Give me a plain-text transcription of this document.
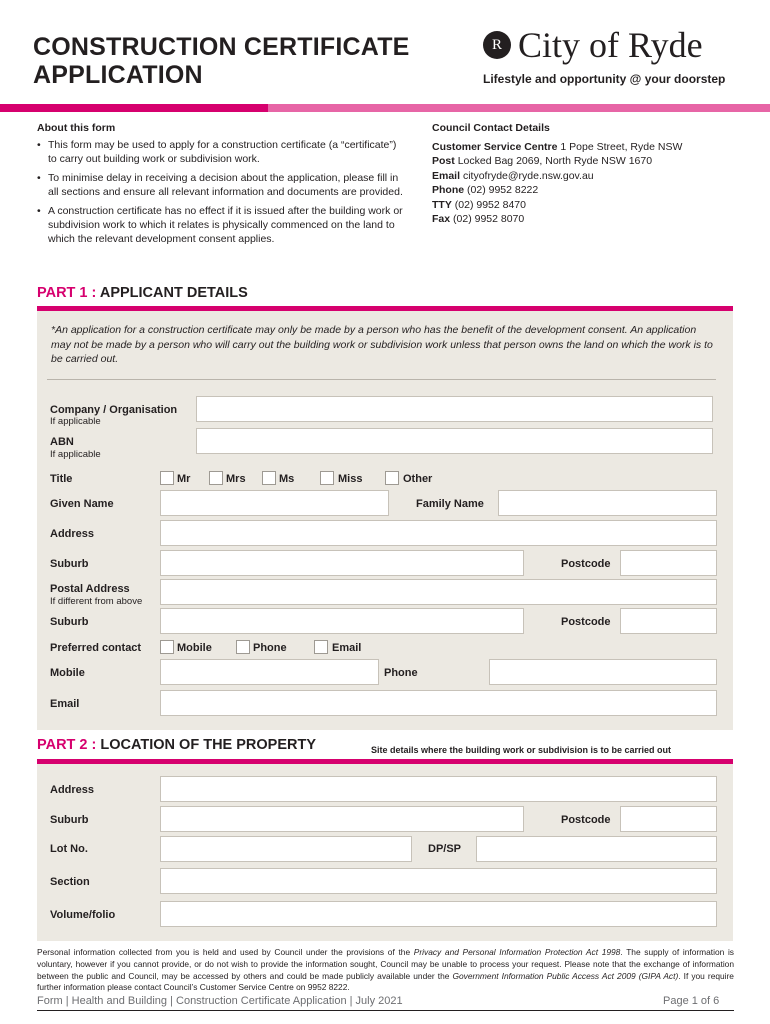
CONSTRUCTION CERTIFICATE
APPLICATION
R City of Ryde
Lifestyle and opportunity @ your doorstep
About this form
• This form may be used to apply for a construction certificate (a “certificate”) to carry out building work or subdivision work.
• To minimise delay in receiving a decision about the application, please fill in all sections and ensure all relevant information and documents are provided.
• A construction certificate has no effect if it is issued after the building work or subdivision work to which it relates is physically commenced on the land to which the relevant development consent applies.
Council Contact Details
Customer Service Centre 1 Pope Street, Ryde NSW
Post Locked Bag 2069, North Ryde NSW 1670
Email cityofryde@ryde.nsw.gov.au
Phone (02) 9952 8222
TTY (02) 9952 8470
Fax (02) 9952 8070
PART 1 : APPLICANT DETAILS
*An application for a construction certificate may only be made by a person who has the benefit of the development consent. An application may not be made by a person who will carry out the building work or subdivision work unless that person owns the land on which the work is to be carried out.
Company / Organisation
If applicable
ABN
If applicable
Title	Mr	Mrs	Ms	Miss	Other
Given Name	Family Name
Address
Suburb	Postcode
Postal Address
If different from above
Suburb	Postcode
Preferred contact	Mobile	Phone	Email
Mobile	Phone
Email
PART 2 : LOCATION OF THE PROPERTY	Site details where the building work or subdivision is to be carried out
Address
Suburb	Postcode
Lot No.	DP/SP
Section
Volume/folio
Personal information collected from you is held and used by Council under the provisions of the Privacy and Personal Information Protection Act 1998. The supply of information is voluntary, however if you cannot provide, or do not wish to provide the information sought, Council may be unable to process your request. Please note that the exchange of information between the public and Council, may be accessed by others and could be made publicly available under the Government Information Public Access Act 2009 (GIPA Act). If you require further information please contact Council’s Customer Service Centre on 9952 8222.
Form | Health and Building | Construction Certificate Application | July 2021	Page 1 of 6
